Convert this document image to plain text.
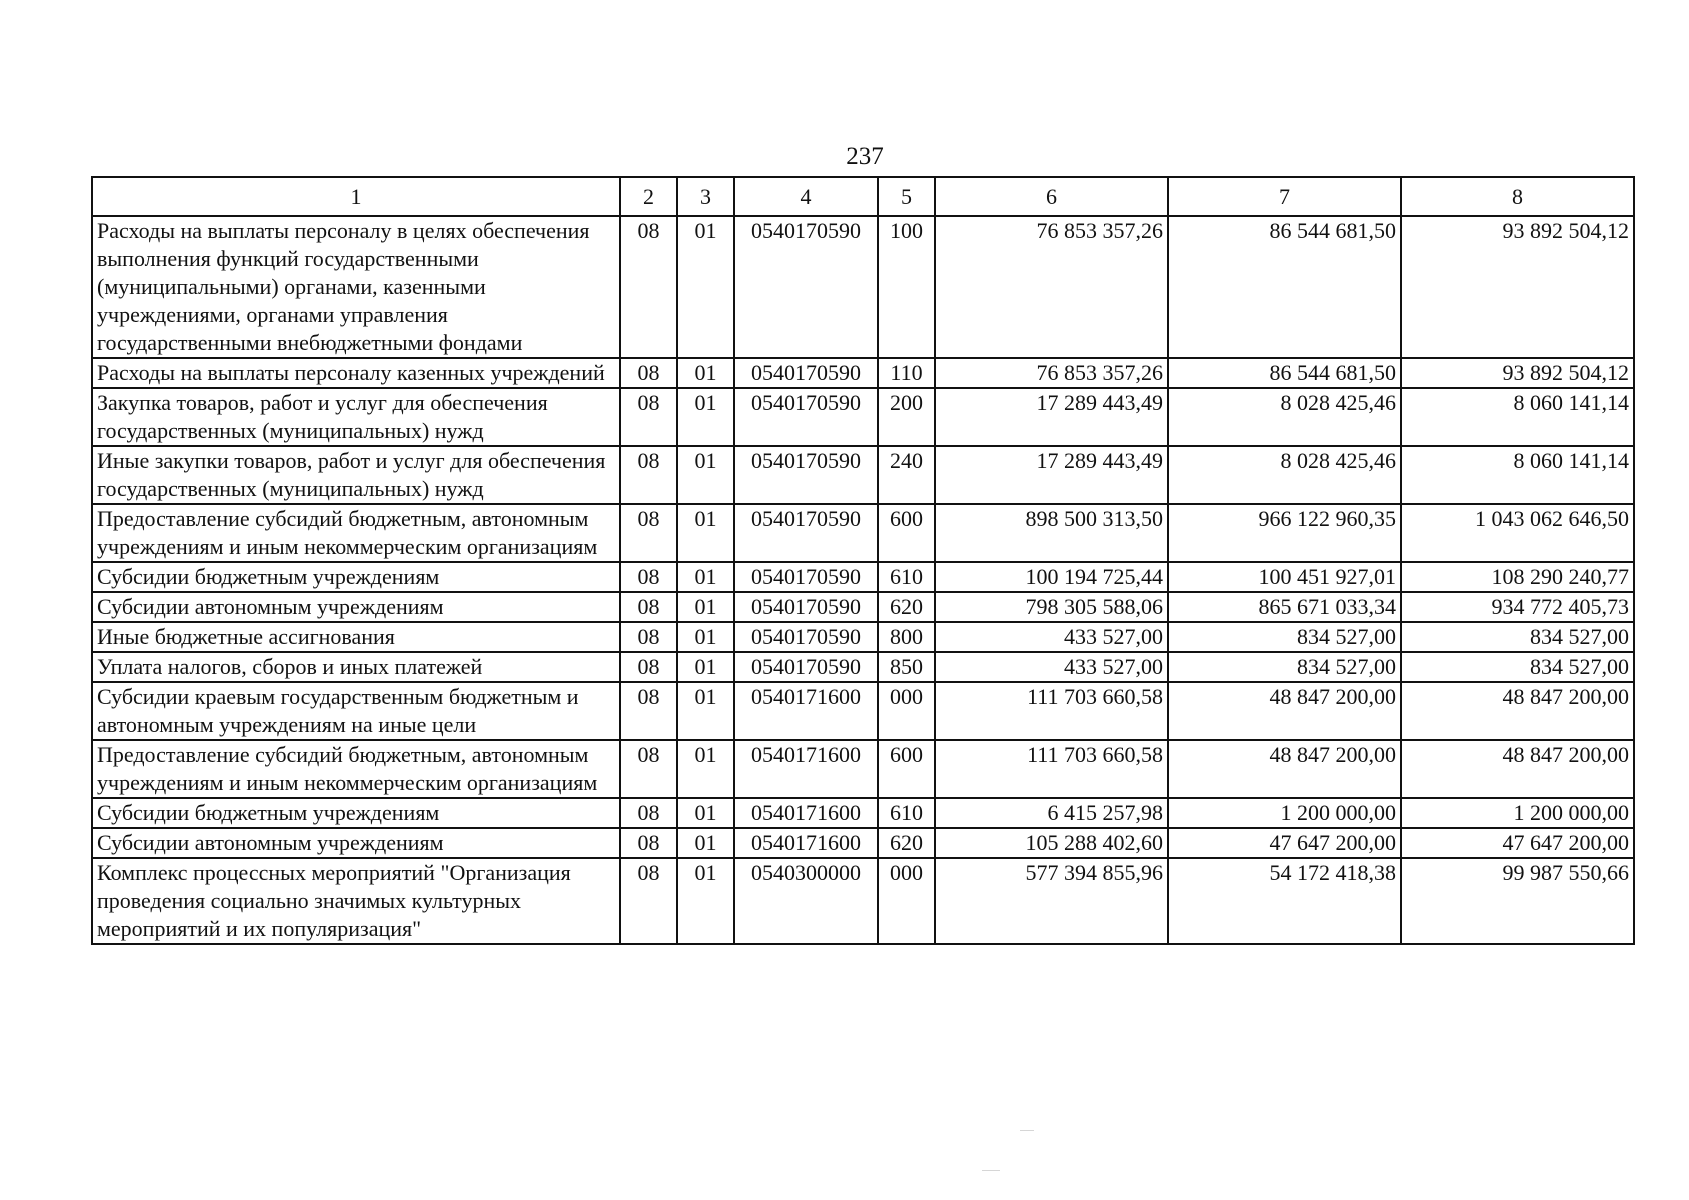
237
1	2	3	4	5	6	7	8
Расходы на выплаты персоналу в целях обеспечения выполнения функций государственными (муниципальными) органами, казенными учреждениями, органами управления государственными внебюджетными фондами	08	01	0540170590	100	76 853 357,26	86 544 681,50	93 892 504,12
Расходы на выплаты персоналу казенных учреждений	08	01	0540170590	110	76 853 357,26	86 544 681,50	93 892 504,12
Закупка товаров, работ и услуг для обеспечения государственных (муниципальных) нужд	08	01	0540170590	200	17 289 443,49	8 028 425,46	8 060 141,14
Иные закупки товаров, работ и услуг для обеспечения государственных (муниципальных) нужд	08	01	0540170590	240	17 289 443,49	8 028 425,46	8 060 141,14
Предоставление субсидий бюджетным, автономным учреждениям и иным некоммерческим организациям	08	01	0540170590	600	898 500 313,50	966 122 960,35	1 043 062 646,50
Субсидии бюджетным учреждениям	08	01	0540170590	610	100 194 725,44	100 451 927,01	108 290 240,77
Субсидии автономным учреждениям	08	01	0540170590	620	798 305 588,06	865 671 033,34	934 772 405,73
Иные бюджетные ассигнования	08	01	0540170590	800	433 527,00	834 527,00	834 527,00
Уплата налогов, сборов и иных платежей	08	01	0540170590	850	433 527,00	834 527,00	834 527,00
Субсидии краевым государственным бюджетным и автономным учреждениям на иные цели	08	01	0540171600	000	111 703 660,58	48 847 200,00	48 847 200,00
Предоставление субсидий бюджетным, автономным учреждениям и иным некоммерческим организациям	08	01	0540171600	600	111 703 660,58	48 847 200,00	48 847 200,00
Субсидии бюджетным учреждениям	08	01	0540171600	610	6 415 257,98	1 200 000,00	1 200 000,00
Субсидии автономным учреждениям	08	01	0540171600	620	105 288 402,60	47 647 200,00	47 647 200,00
Комплекс процессных мероприятий "Организация проведения социально значимых культурных мероприятий и их популяризация"	08	01	0540300000	000	577 394 855,96	54 172 418,38	99 987 550,66
